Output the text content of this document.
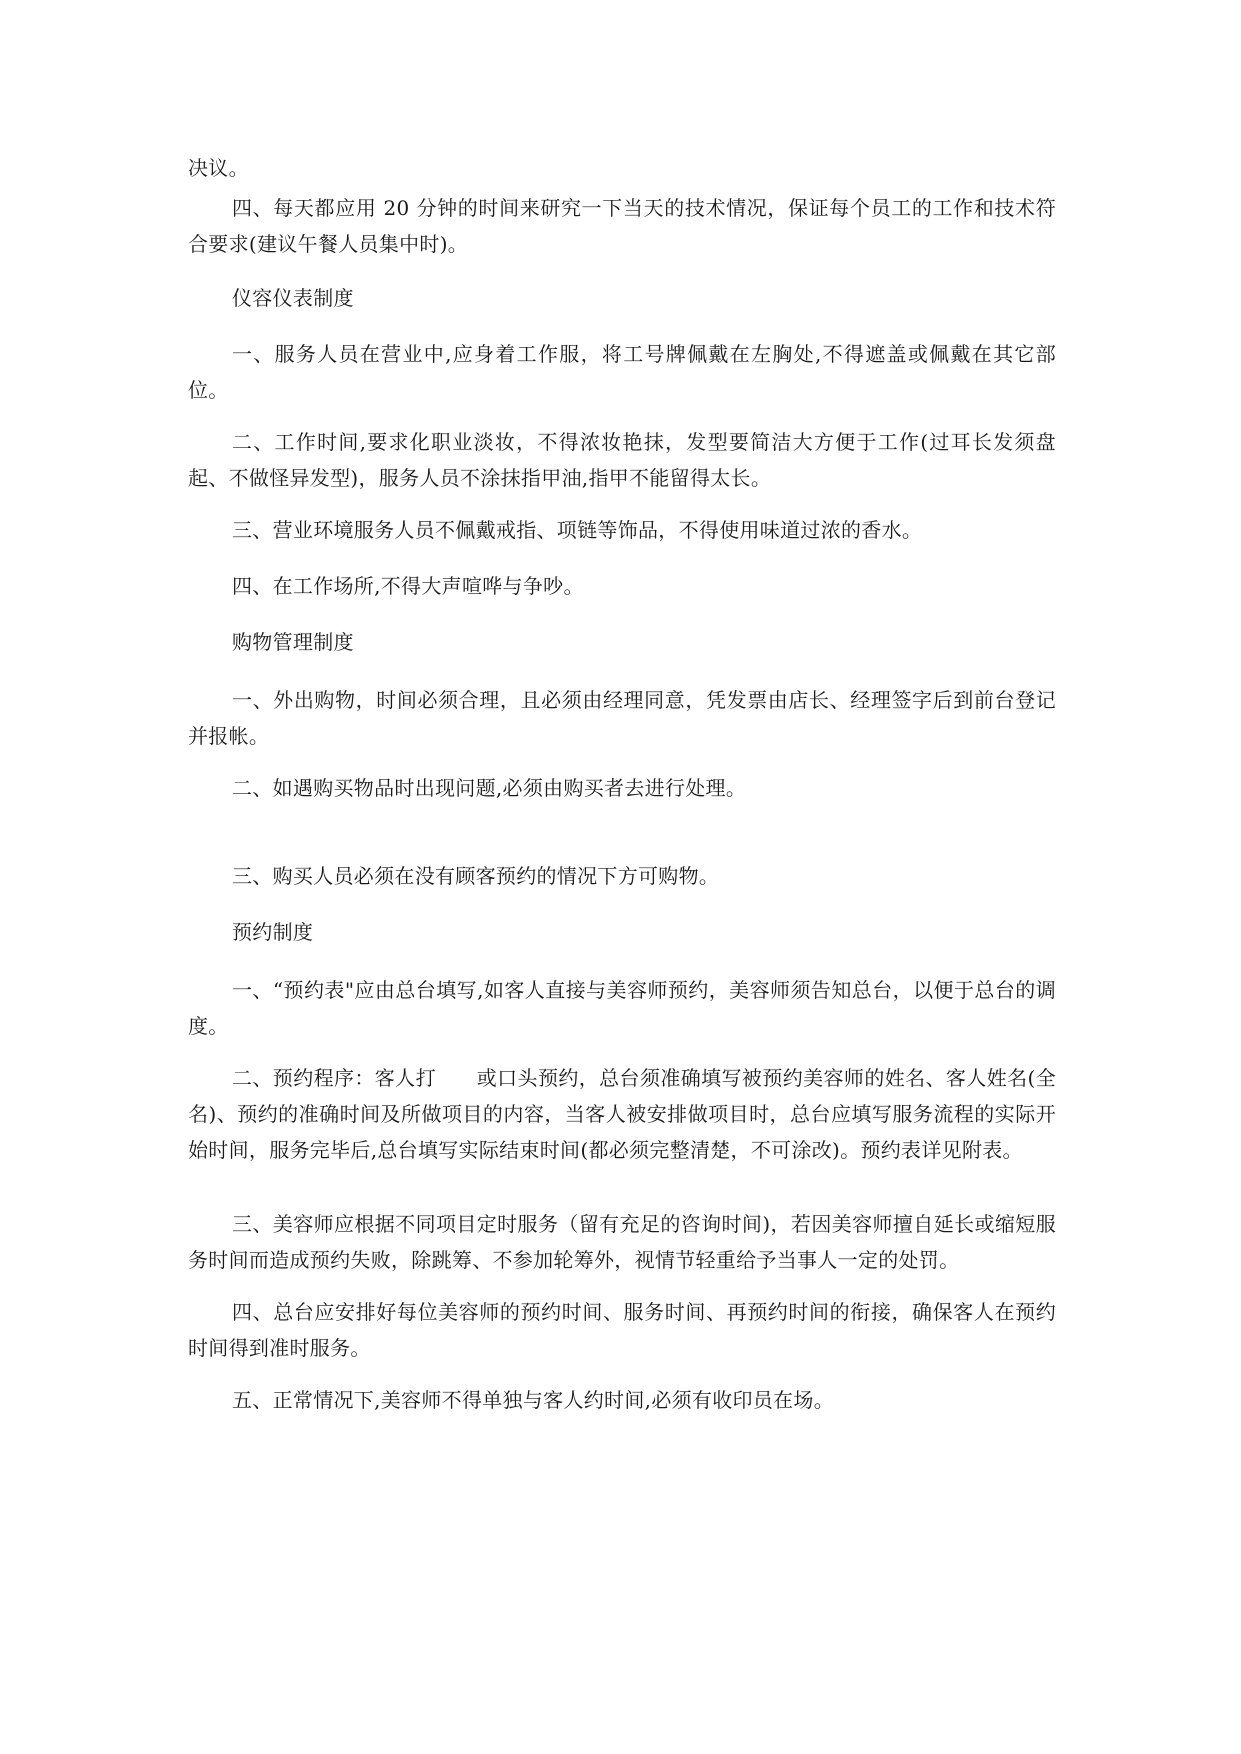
决议。

四、每天都应用 20 分钟的时间来研究一下当天的技术情况，保证每个员工的工作和技术符合要求(建议午餐人员集中时)。

仪容仪表制度

一、服务人员在营业中,应身着工作服，将工号牌佩戴在左胸处,不得遮盖或佩戴在其它部位。

二、工作时间,要求化职业淡妆，不得浓妆艳抹，发型要简洁大方便于工作(过耳长发须盘起、不做怪异发型)，服务人员不涂抹指甲油,指甲不能留得太长。

三、营业环境服务人员不佩戴戒指、项链等饰品，不得使用味道过浓的香水。

四、在工作场所,不得大声喧哗与争吵。

购物管理制度

一、外出购物，时间必须合理，且必须由经理同意，凭发票由店长、经理签字后到前台登记并报帐。

二、如遇购买物品时出现问题,必须由购买者去进行处理。

三、购买人员必须在没有顾客预约的情况下方可购物。

预约制度

一、“预约表"应由总台填写,如客人直接与美容师预约，美容师须告知总台，以便于总台的调度。

二、预约程序：客人打　　或口头预约，总台须准确填写被预约美容师的姓名、客人姓名(全名)、预约的准确时间及所做项目的内容，当客人被安排做项目时，总台应填写服务流程的实际开始时间，服务完毕后,总台填写实际结束时间(都必须完整清楚，不可涂改)。预约表详见附表。

三、美容师应根据不同项目定时服务（留有充足的咨询时间)，若因美容师擅自延长或缩短服务时间而造成预约失败，除跳筹、不参加轮筹外，视情节轻重给予当事人一定的处罚。

四、总台应安排好每位美容师的预约时间、服务时间、再预约时间的衔接，确保客人在预约时间得到准时服务。

五、正常情况下,美容师不得单独与客人约时间,必须有收印员在场。
